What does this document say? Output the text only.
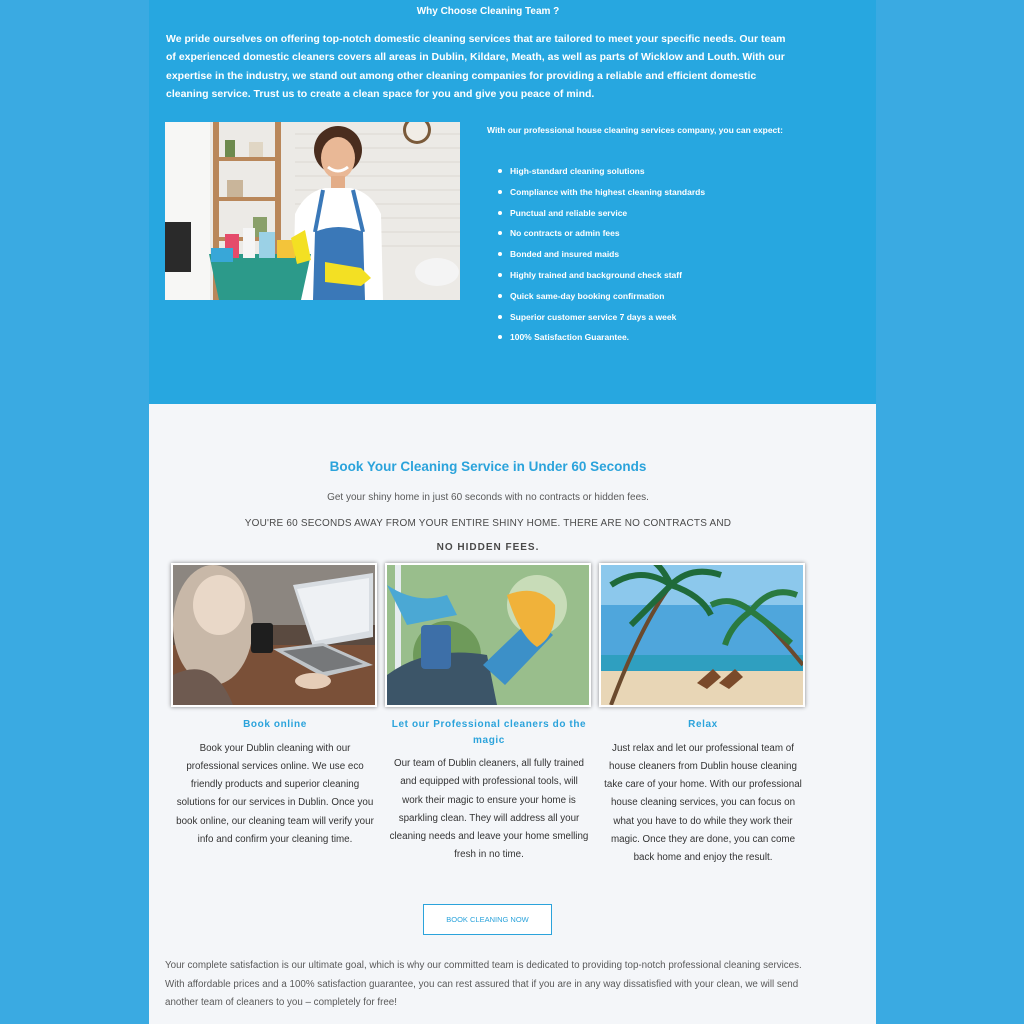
Why Choose Cleaning Team ?

We pride ourselves on offering top-notch domestic cleaning services that are tailored to meet your specific needs. Our team of experienced domestic cleaners covers all areas in Dublin, Kildare, Meath, as well as parts of Wicklow and Louth. With our expertise in the industry, we stand out among other cleaning companies for providing a reliable and efficient domestic cleaning service. Trust us to create a clean space for you and give you peace of mind.

With our professional house cleaning services company, you can expect:
High-standard cleaning solutions
Compliance with the highest cleaning standards
Punctual and reliable service
No contracts or admin fees
Bonded and insured maids
Highly trained and background check staff
Quick same-day booking confirmation
Superior customer service 7 days a week
100% Satisfaction Guarantee.
Book Your Cleaning Service in Under 60 Seconds
Get your shiny home in just 60 seconds with no contracts or hidden fees.
YOU'RE 60 SECONDS AWAY FROM YOUR ENTIRE SHINY HOME. THERE ARE NO CONTRACTS AND
NO HIDDEN FEES.
Book online

Book your Dublin cleaning with our professional services online. We use eco friendly products and superior cleaning solutions for our services in Dublin. Once you book online, our cleaning team will verify your info and confirm your cleaning time.

Let our Professional cleaners do the magic

Our team of Dublin cleaners, all fully trained and equipped with professional tools, will work their magic to ensure your home is sparkling clean. They will address all your cleaning needs and leave your home smelling fresh in no time.

Relax

Just relax and let our professional team of house cleaners from Dublin house cleaning take care of your home. With our professional house cleaning services, you can focus on what you have to do while they work their magic. Once they are done, you can come back home and enjoy the result.

BOOK CLEANING NOW

Your complete satisfaction is our ultimate goal, which is why our committed team is dedicated to providing top-notch professional cleaning services. With affordable prices and a 100% satisfaction guarantee, you can rest assured that if you are in any way dissatisfied with your clean, we will send another team of cleaners to you – completely for free!
